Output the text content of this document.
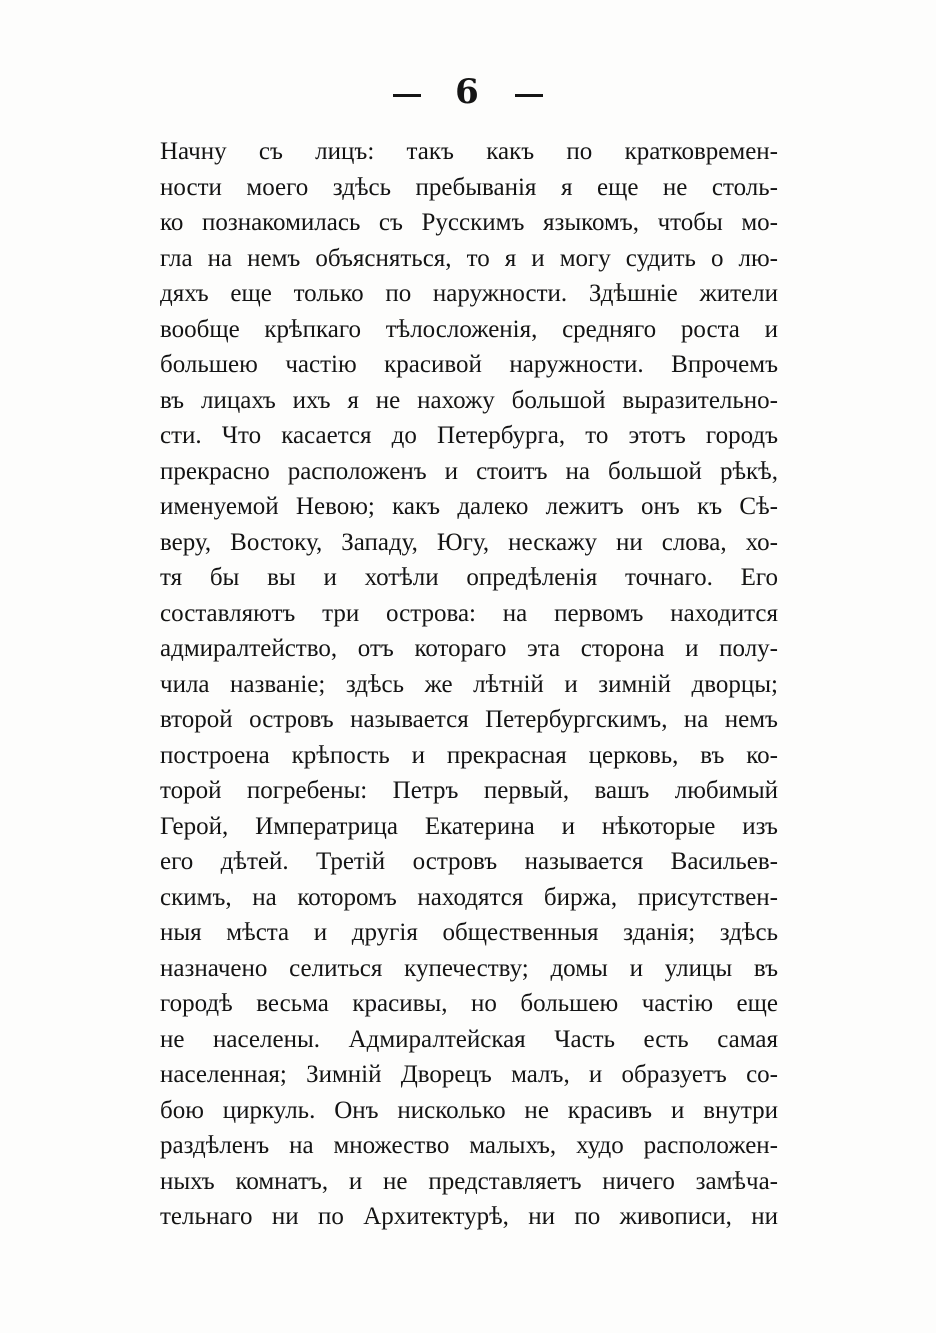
6
Начну съ лицъ: такъ какъ по кратковремен-
ности моего здѣсь пребыванія я еще не столь-
ко познакомилась съ Русскимъ языкомъ, чтобы мо-
гла на немъ объясняться, то я и могу судить о лю-
дяхъ еще только по наружности. Здѣшніе жители
вообще крѣпкаго тѣлосложенія, средняго роста и
большею частію красивой наружности. Впрочемъ
въ лицахъ ихъ я не нахожу большой выразительно-
сти. Что касается до Петербурга, то этотъ городъ
прекрасно расположенъ и стоитъ на большой рѣкѣ,
именуемой Невою; какъ далеко лежитъ онъ къ Сѣ-
веру, Востоку, Западу, Югу, нескажу ни слова, хо-
тя бы вы и хотѣли опредѣленія точнаго. Его
составляютъ три острова: на первомъ находится
адмиралтейство, отъ котораго эта сторона и полу-
чила названіе; здѣсь же лѣтній и зимній дворцы;
второй островъ называется Петербургскимъ, на немъ
построена крѣпость и прекрасная церковь, въ ко-
торой погребены: Петръ первый, вашъ любимый
Герой, Императрица Екатерина и нѣкоторые изъ
его дѣтей. Третій островъ называется Васильев-
скимъ, на которомъ находятся биржа, присутствен-
ныя мѣста и другія общественныя зданія; здѣсь
назначено селиться купечеству; домы и улицы въ
городѣ весьма красивы, но большею частію еще
не населены. Адмиралтейская Часть есть самая
населенная; Зимній Дворецъ малъ, и образуетъ со-
бою циркуль. Онъ нисколько не красивъ и внутри
раздѣленъ на множество малыхъ, худо расположен-
ныхъ комнатъ, и не представляетъ ничего замѣча-
тельнаго ни по Архитектурѣ, ни по живописи, ни
